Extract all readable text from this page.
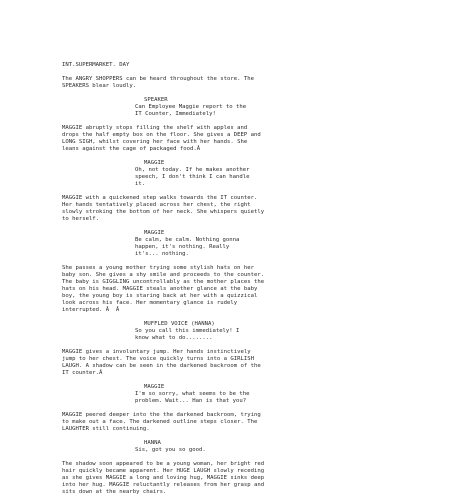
INT.SUPERMARKET. DAY
The ANGRY SHOPPERS can be heard throughout the store. The
SPEAKERS blear loudly.
SPEAKER
Can Employee Maggie report to the
IT Counter, Immediately!
MAGGIE abruptly stops filling the shelf with apples and
drops the half empty box on the floor. She gives a DEEP and
LONG SIGH, whilst covering her face with her hands. She
leans against the cage of packaged food.Â
MAGGIE
Oh, not today. If he makes another
speech, I don't think I can handle
it.
MAGGIE with a quickened step walks towards the IT counter.
Her hands tentatively placed across her chest, the right
slowly stroking the bottom of her neck. She whispers quietly
to herself.
MAGGIE
Be calm, be calm. Nothing gonna
happen, it's nothing. Really
it's... nothing.
She passes a young mother trying some stylish hats on her
baby son. She gives a shy smile and proceeds to the counter.
The baby is GIGGLING uncontrollably as the mother places the
hats on his head. MAGGIE steals another glance at the baby
boy, the young boy is staring back at her with a quizzical
look across his face. Her momentary glance is rudely
interrupted. Â  Â
MUFFLED VOICE (HANNA)
So you call this immediately! I
know what to do........
MAGGIE gives a involuntary jump. Her hands instinctively
jump to her chest. The voice quickly turns into a GIRLISH
LAUGH. A shadow can be seen in the darkened backroom of the
IT counter.Â
MAGGIE
I'm so sorry, what seems to be the
problem. Wait... Han is that you?
MAGGIE peered deeper into the the darkened backroom, trying
to make out a face. The darkened outline steps closer. The
LAUGHTER still continuing.
HANNA
Sis, got you so good.
The shadow soon appeared to be a young woman, her bright red
hair quickly became apparent. Her HUGE LAUGH slowly receding
as she gives MAGGIE a long and loving hug, MAGGIE sinks deep
into her hug. MAGGIE reluctantly releases from her grasp and
sits down at the nearby chairs.
